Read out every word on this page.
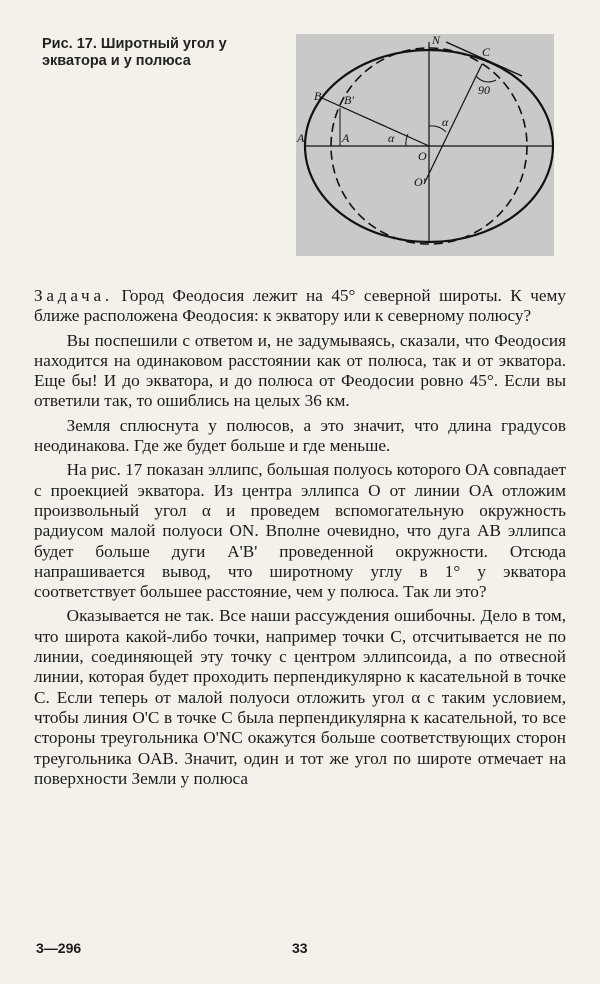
Рис. 17. Широтный угол у экватора и у полюса
N
C
B B'
A	A	α
α
O
O'
90

Задача. Город Феодосия лежит на 45° северной широты. К чему ближе расположена Феодосия: к экватору или к северному полюсу?

Вы поспешили с ответом и, не задумываясь, сказали, что Феодосия находится на одинаковом расстоянии как от полюса, так и от экватора. Еще бы! И до экватора, и до полюса от Феодосии ровно 45°. Если вы ответили так, то ошиблись на целых 36 км.

Земля сплюснута у полюсов, а это значит, что длина градусов неодинакова. Где же будет больше и где меньше.

На рис. 17 показан эллипс, большая полуось которого OA совпадает с проекцией экватора. Из центра эллипса O от линии OA отложим произвольный угол α и проведем вспомогательную окружность радиусом малой полуоси ON. Вполне очевидно, что дуга AB эллипса будет больше дуги A'B' проведенной окружности. Отсюда напрашивается вывод, что широтному углу в 1° у экватора соответствует большее расстояние, чем у полюса. Так ли это?

Оказывается не так. Все наши рассуждения ошибочны. Дело в том, что широта какой-либо точки, например точки C, отсчитывается не по линии, соединяющей эту точку с центром эллипсоида, а по отвесной линии, которая будет проходить перпендикулярно к касательной в точке C. Если теперь от малой полуоси отложить угол α с таким условием, чтобы линия O'C в точке C была перпендикулярна к касательной, то все стороны треугольника O'NC окажутся больше соответствующих сторон треугольника OAB. Значит, один и тот же угол по широте отмечает на поверхности Земли у полюса

3—296	33
